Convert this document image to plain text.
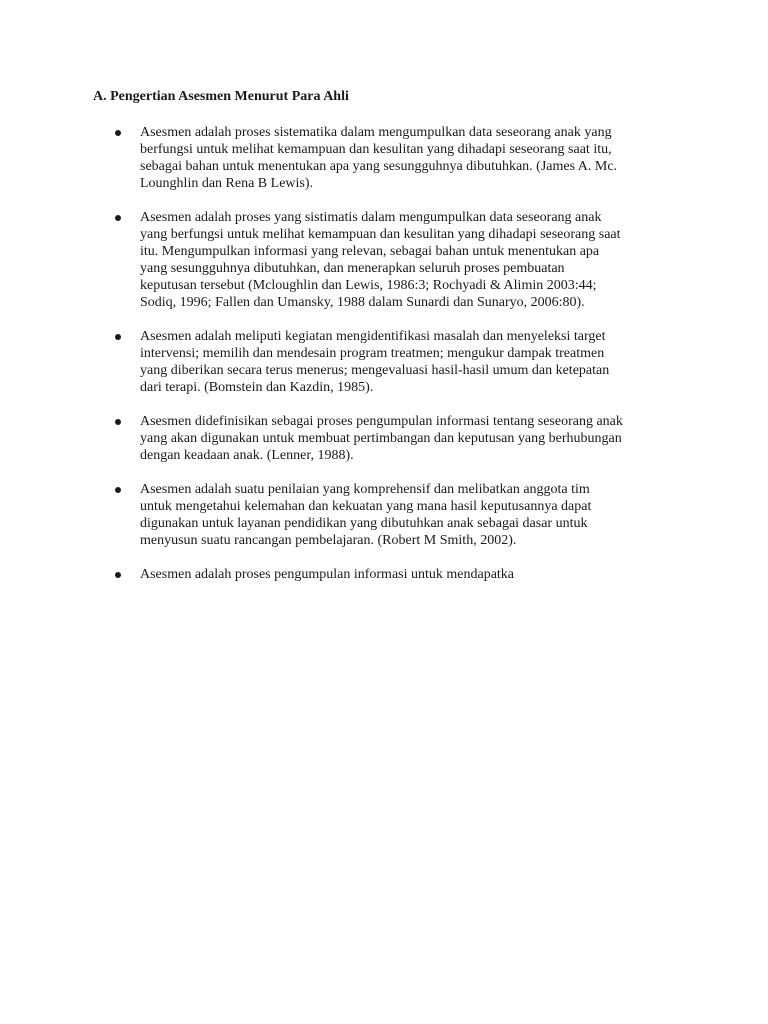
A. Pengertian Asesmen Menurut Para Ahli
Asesmen adalah proses sistematika dalam mengumpulkan data seseorang anak yang
berfungsi untuk melihat kemampuan dan kesulitan yang dihadapi seseorang saat itu,
sebagai bahan untuk menentukan apa yang sesungguhnya dibutuhkan. (James A. Mc.
Lounghlin dan Rena B Lewis).
Asesmen adalah proses yang sistimatis dalam mengumpulkan data seseorang anak
yang berfungsi untuk melihat kemampuan dan kesulitan yang dihadapi seseorang saat
itu. Mengumpulkan informasi yang relevan, sebagai bahan untuk menentukan apa
yang sesungguhnya dibutuhkan, dan menerapkan seluruh proses pembuatan
keputusan tersebut (Mcloughlin dan Lewis, 1986:3; Rochyadi & Alimin 2003:44;
Sodiq, 1996; Fallen dan Umansky, 1988 dalam Sunardi dan Sunaryo, 2006:80).
Asesmen adalah meliputi kegiatan mengidentifikasi masalah dan menyeleksi target
intervensi; memilih dan mendesain program treatmen; mengukur dampak treatmen
yang diberikan secara terus menerus; mengevaluasi hasil-hasil umum dan ketepatan
dari terapi. (Bomstein dan Kazdin, 1985).
Asesmen didefinisikan sebagai proses pengumpulan informasi tentang seseorang anak
yang akan digunakan untuk membuat pertimbangan dan keputusan yang berhubungan
dengan keadaan anak. (Lenner, 1988).
Asesmen adalah suatu penilaian yang komprehensif dan melibatkan anggota tim
untuk mengetahui kelemahan dan kekuatan yang mana hasil keputusannya dapat
digunakan untuk layanan pendidikan yang dibutuhkan anak sebagai dasar untuk
menyusun suatu rancangan pembelajaran. (Robert M Smith, 2002).
Asesmen adalah proses pengumpulan informasi untuk mendapatka
